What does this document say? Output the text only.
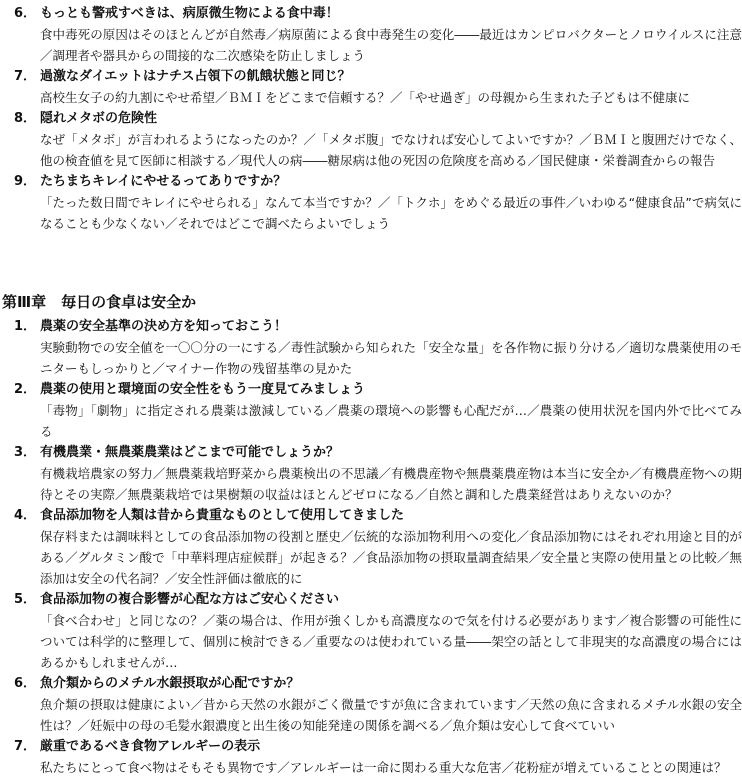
6． もっとも警戒すべきは、病原微生物による食中毒！
食中毒死の原因はそのほとんどが自然毒／病原菌による食中毒発生の変化――最近はカンピロバクターとノロウイルスに注意／調理者や器具からの間接的な二次感染を防止しましょう
7． 過激なダイエットはナチス占領下の飢餓状態と同じ？
高校生女子の約九割にやせ希望／ＢＭＩをどこまで信頼する？／「やせ過ぎ」の母親から生まれた子どもは不健康に
8． 隠れメタボの危険性
なぜ「メタボ」が言われるようになったのか？／「メタボ腹」でなければ安心してよいですか？／ＢＭＩと腹囲だけでなく、他の検査値を見て医師に相談する／現代人の病――糖尿病は他の死因の危険度を高める／国民健康・栄養調査からの報告
9． たちまちキレイにやせるってありですか？
「たった数日間でキレイにやせられる」なんて本当ですか？／「トクホ」をめぐる最近の事件／いわゆる“健康食品”で病気になることも少なくない／それではどこで調べたらよいでしょう
第Ⅲ章　毎日の食卓は安全か
1． 農薬の安全基準の決め方を知っておこう！
実験動物での安全値を一〇〇分の一にする／毒性試験から知られた「安全な量」を各作物に振り分ける／適切な農薬使用のモニターもしっかりと／マイナー作物の残留基準の見かた
2． 農薬の使用と環境面の安全性をもう一度見てみましょう
「毒物」「劇物」に指定される農薬は激減している／農薬の環境への影響も心配だが…／農薬の使用状況を国内外で比べてみる
3． 有機農業・無農薬農業はどこまで可能でしょうか？
有機栽培農家の努力／無農薬栽培野菜から農薬検出の不思議／有機農産物や無農薬農産物は本当に安全か／有機農産物への期待とその実際／無農薬栽培では果樹類の収益はほとんどゼロになる／自然と調和した農業経営はありえないのか？
4． 食品添加物を人類は昔から貴重なものとして使用してきました
保存料または調味料としての食品添加物の役割と歴史／伝統的な添加物利用への変化／食品添加物にはそれぞれ用途と目的がある／グルタミン酸で「中華料理店症候群」が起きる？／食品添加物の摂取量調査結果／安全量と実際の使用量との比較／無添加は安全の代名詞？／安全性評価は徹底的に
5． 食品添加物の複合影響が心配な方はご安心ください
「食べ合わせ」と同じなの？／薬の場合は、作用が強くしかも高濃度なので気を付ける必要があります／複合影響の可能性については科学的に整理して、個別に検討できる／重要なのは使われている量――架空の話として非現実的な高濃度の場合にはあるかもしれませんが…
6． 魚介類からのメチル水銀摂取が心配ですか？
魚介類の摂取は健康によい／昔から天然の水銀がごく微量ですが魚に含まれています／天然の魚に含まれるメチル水銀の安全性は？／妊娠中の母の毛髪水銀濃度と出生後の知能発達の関係を調べる／魚介類は安心して食べていい
7． 厳重であるべき食物アレルギーの表示
私たちにとって食べ物はそもそも異物です／アレルギーは一命に関わる重大な危害／花粉症が増えていることとの関連は？
